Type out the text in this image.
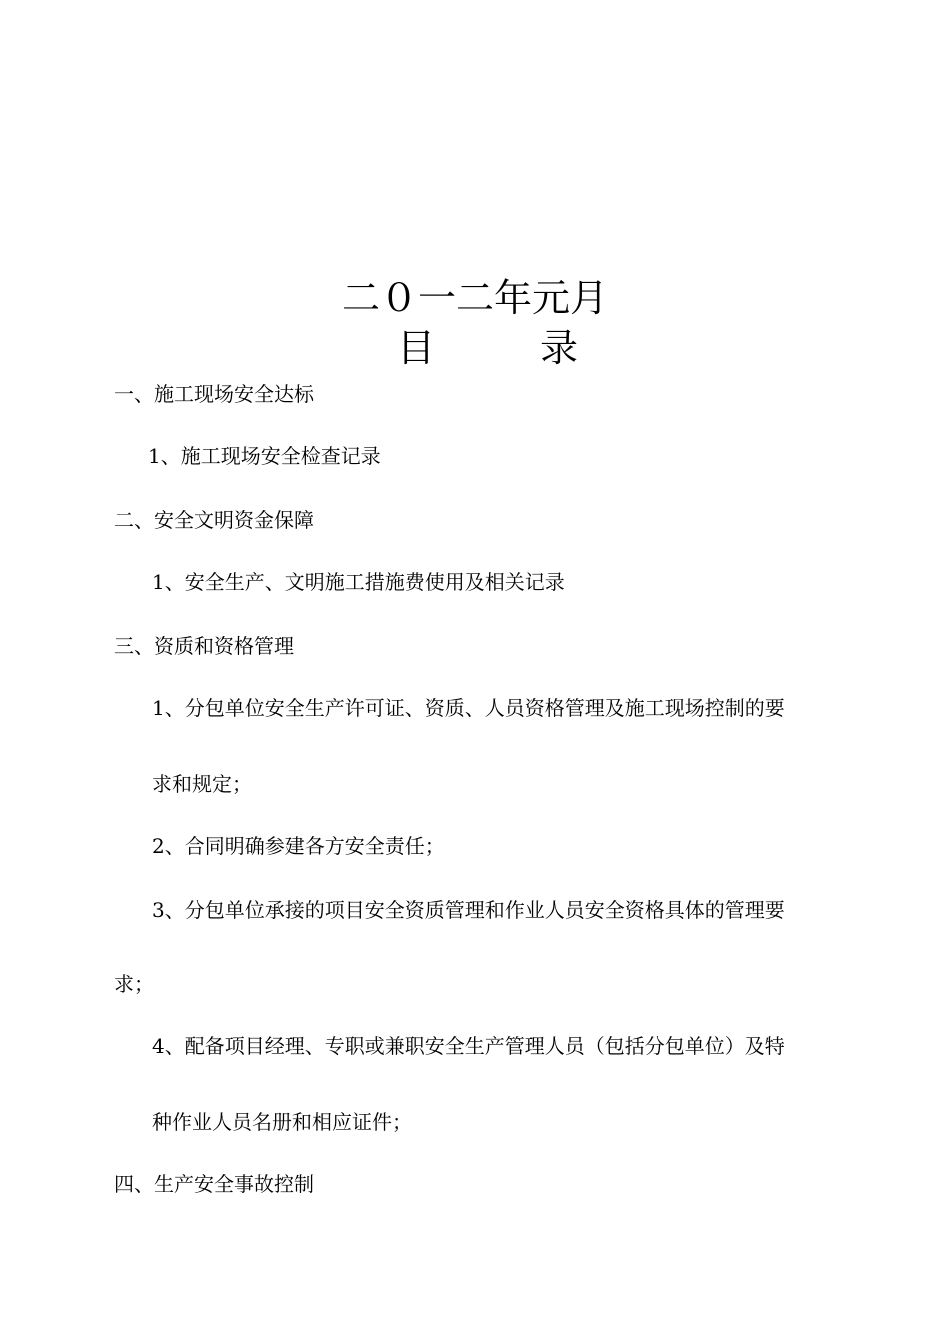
二０一二年元月
目	录
一、施工现场安全达标
1、施工现场安全检查记录
二、安全文明资金保障
1、安全生产、文明施工措施费使用及相关记录
三、资质和资格管理
1、分包单位安全生产许可证、资质、人员资格管理及施工现场控制的要
求和规定；
2、合同明确参建各方安全责任；
3、分包单位承接的项目安全资质管理和作业人员安全资格具体的管理要
求；
4、配备项目经理、专职或兼职安全生产管理人员（包括分包单位）及特
种作业人员名册和相应证件；
四、生产安全事故控制
